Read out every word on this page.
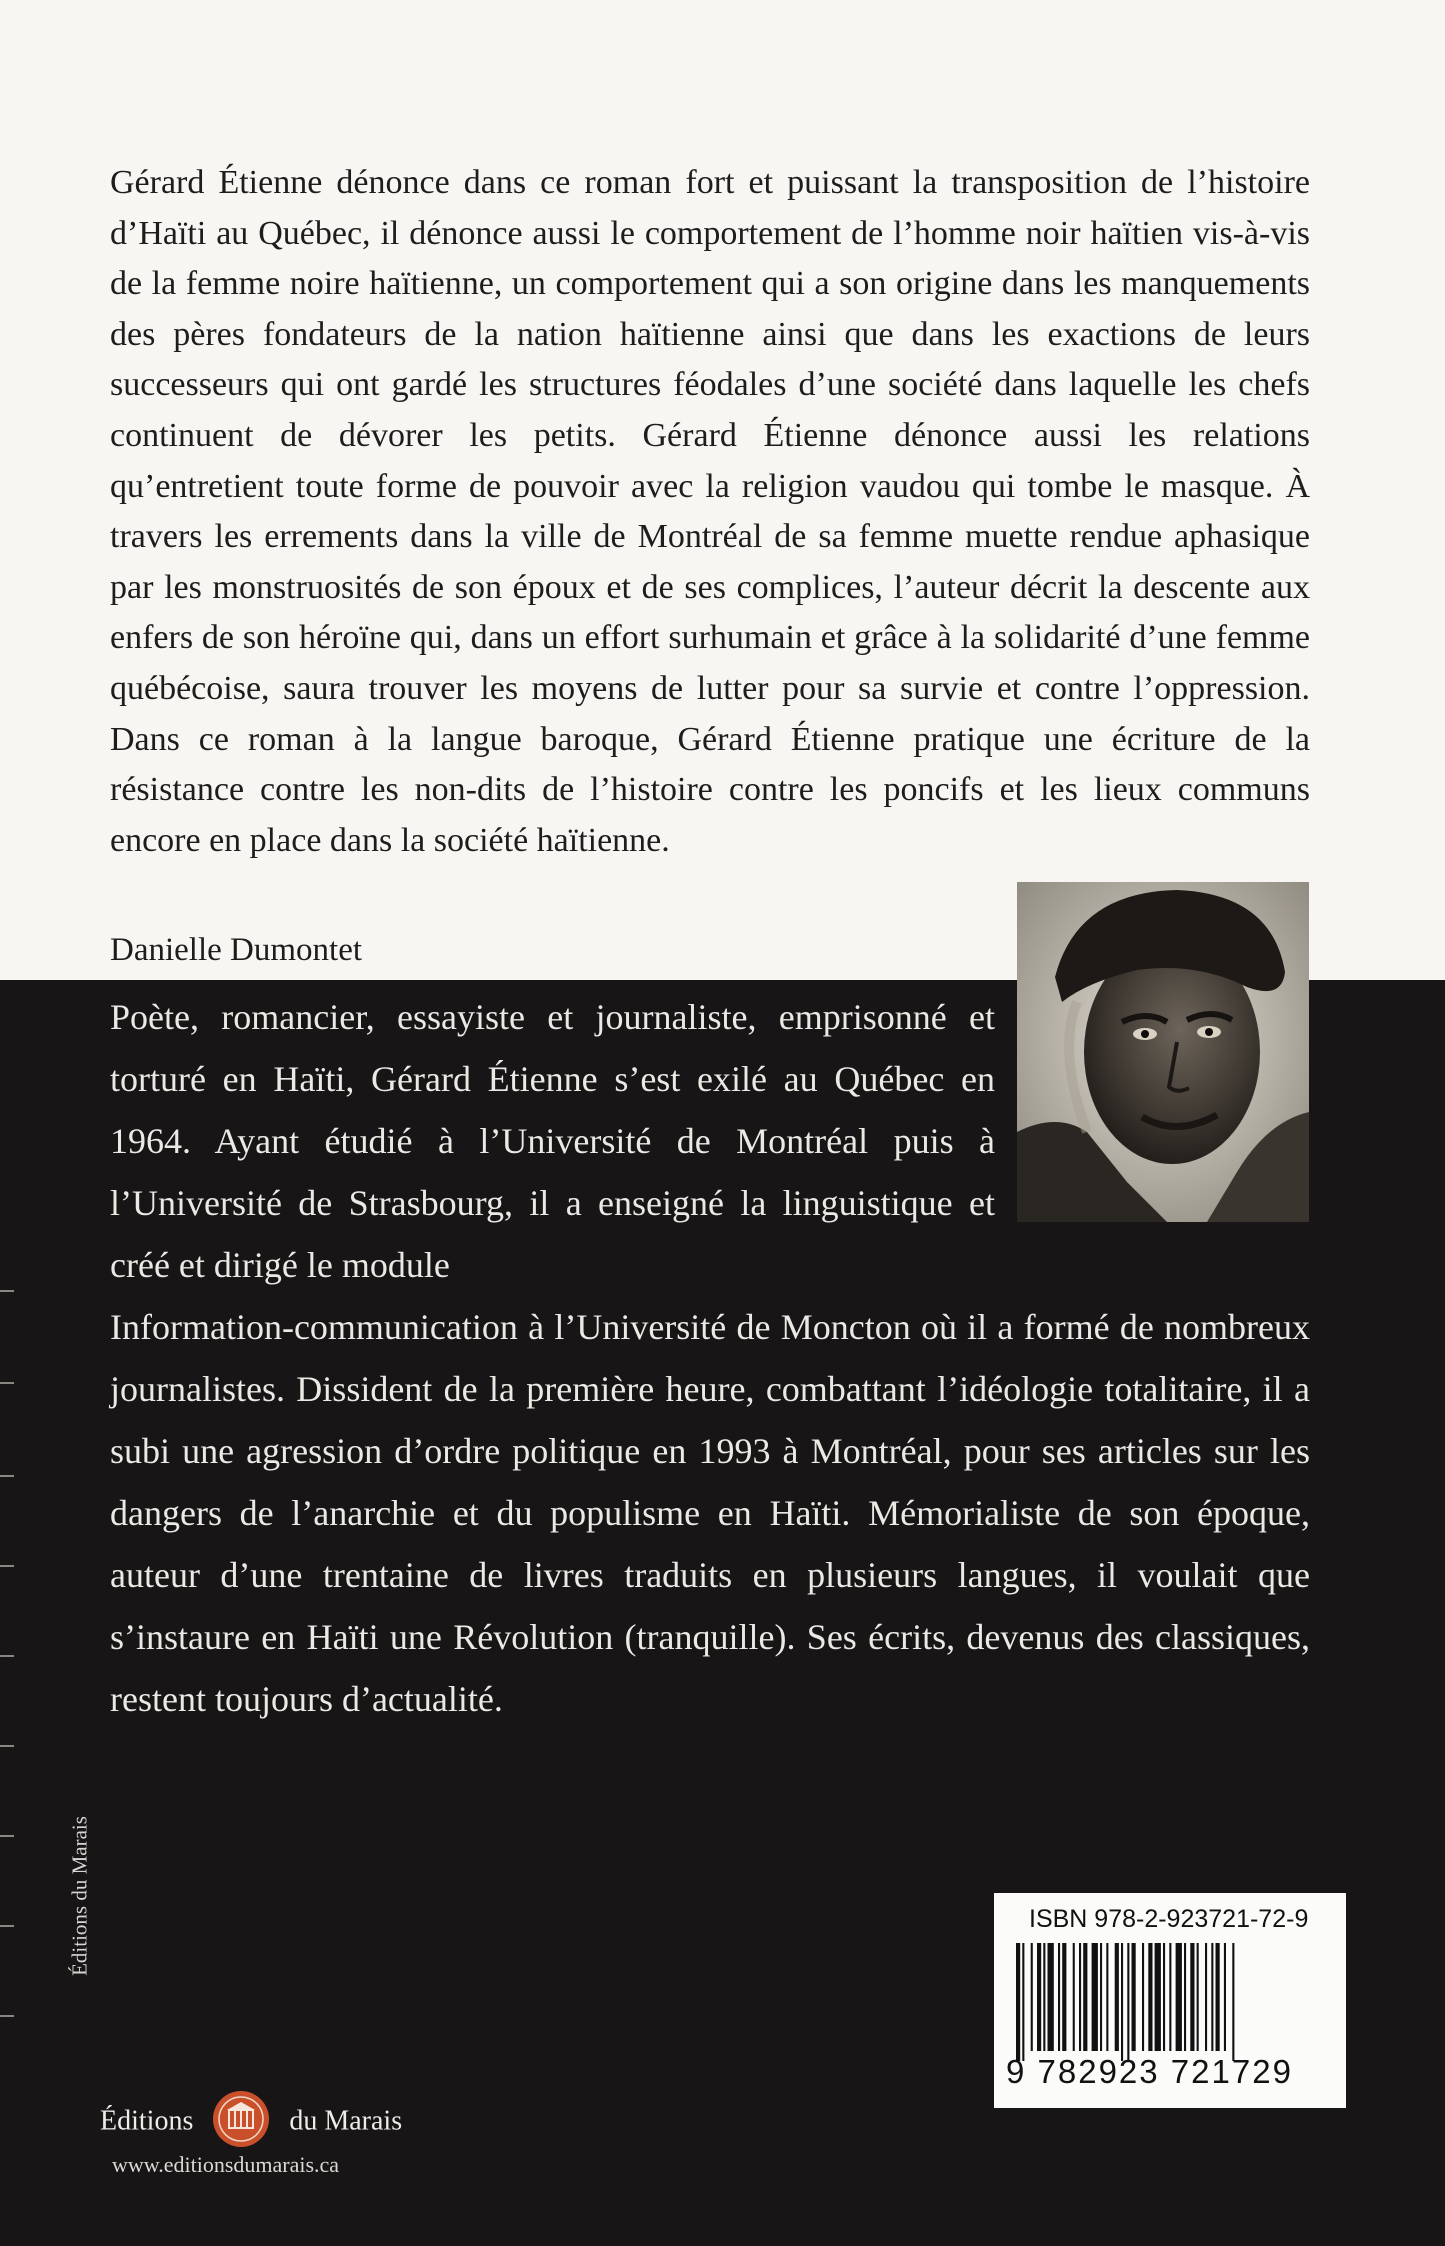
Gérard Étienne dénonce dans ce roman fort et puissant la transposition de l’histoire d’Haïti au Québec, il dénonce aussi le comportement de l’homme noir haïtien vis-à-vis de la femme noire haïtienne, un comportement qui a son origine dans les manquements des pères fondateurs de la nation haïtienne ainsi que dans les exactions de leurs successeurs qui ont gardé les structures féodales d’une société dans laquelle les chefs continuent de dévorer les petits. Gérard Étienne dénonce aussi les relations qu’entretient toute forme de pouvoir avec la religion vaudou qui tombe le masque. À travers les errements dans la ville de Montréal de sa femme muette rendue aphasique par les monstruosités de son époux et de ses complices, l’auteur décrit la descente aux enfers de son héroïne qui, dans un effort surhumain et grâce à la solidarité d’une femme québécoise, saura trouver les moyens de lutter pour sa survie et contre l’oppression. Dans ce roman à la langue baroque, Gérard Étienne pratique une écriture de la résistance contre les non-dits de l’histoire contre les poncifs et les lieux communs encore en place dans la société haïtienne.

Danielle Dumontet

Poète, romancier, essayiste et journaliste, emprisonné et torturé en Haïti, Gérard Étienne s’est exilé au Québec en 1964. Ayant étudié à l’Université de Montréal puis à l’Université de Strasbourg, il a enseigné la linguistique et créé et dirigé le module

Information-communication à l’Université de Moncton où il a formé de nombreux journalistes. Dissident de la première heure, combattant l’idéologie totalitaire, il a subi une agression d’ordre politique en 1993 à Montréal, pour ses articles sur les dangers de l’anarchie et du populisme en Haïti. Mémorialiste de son époque, auteur d’une trentaine de livres traduits en plusieurs langues, il voulait que s’instaure en Haïti une Révolution (tranquille). Ses écrits, devenus des classiques, restent toujours d’actualité.

Éditions du Marais
Éditions	du Marais
www.editionsdumarais.ca
ISBN 978-2-923721-72-9
9 782923 721729
